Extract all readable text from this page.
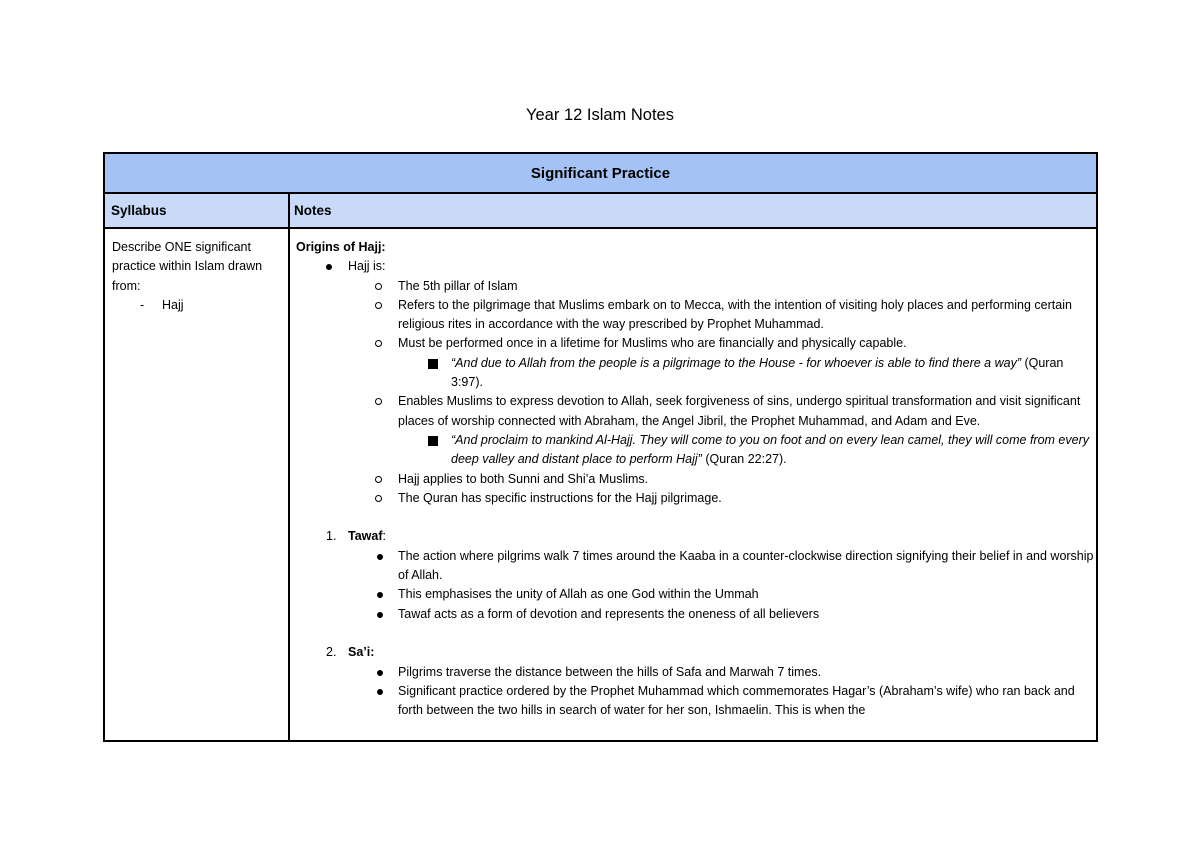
Year 12 Islam Notes
Significant Practice
Syllabus	Notes
Describe ONE significant practice within Islam drawn from:
- Hajj
Origins of Hajj:
Hajj is:
The 5th pillar of Islam
Refers to the pilgrimage that Muslims embark on to Mecca, with the intention of visiting holy places and performing certain religious rites in accordance with the way prescribed by Prophet Muhammad.
Must be performed once in a lifetime for Muslims who are financially and physically capable.
“And due to Allah from the people is a pilgrimage to the House - for whoever is able to find there a way” (Quran 3:97).
Enables Muslims to express devotion to Allah, seek forgiveness of sins, undergo spiritual transformation and visit significant places of worship connected with Abraham, the Angel Jibril, the Prophet Muhammad, and Adam and Eve.
“And proclaim to mankind Al-Hajj. They will come to you on foot and on every lean camel, they will come from every deep valley and distant place to perform Hajj” (Quran 22:27).
Hajj applies to both Sunni and Shi’a Muslims.
The Quran has specific instructions for the Hajj pilgrimage.
1. Tawaf:
The action where pilgrims walk 7 times around the Kaaba in a counter-clockwise direction signifying their belief in and worship of Allah.
This emphasises the unity of Allah as one God within the Ummah
Tawaf acts as a form of devotion and represents the oneness of all believers
2. Sa’i:
Pilgrims traverse the distance between the hills of Safa and Marwah 7 times.
Significant practice ordered by the Prophet Muhammad which commemorates Hagar’s (Abraham’s wife) who ran back and forth between the two hills in search of water for her son, Ishmaelin. This is when the
